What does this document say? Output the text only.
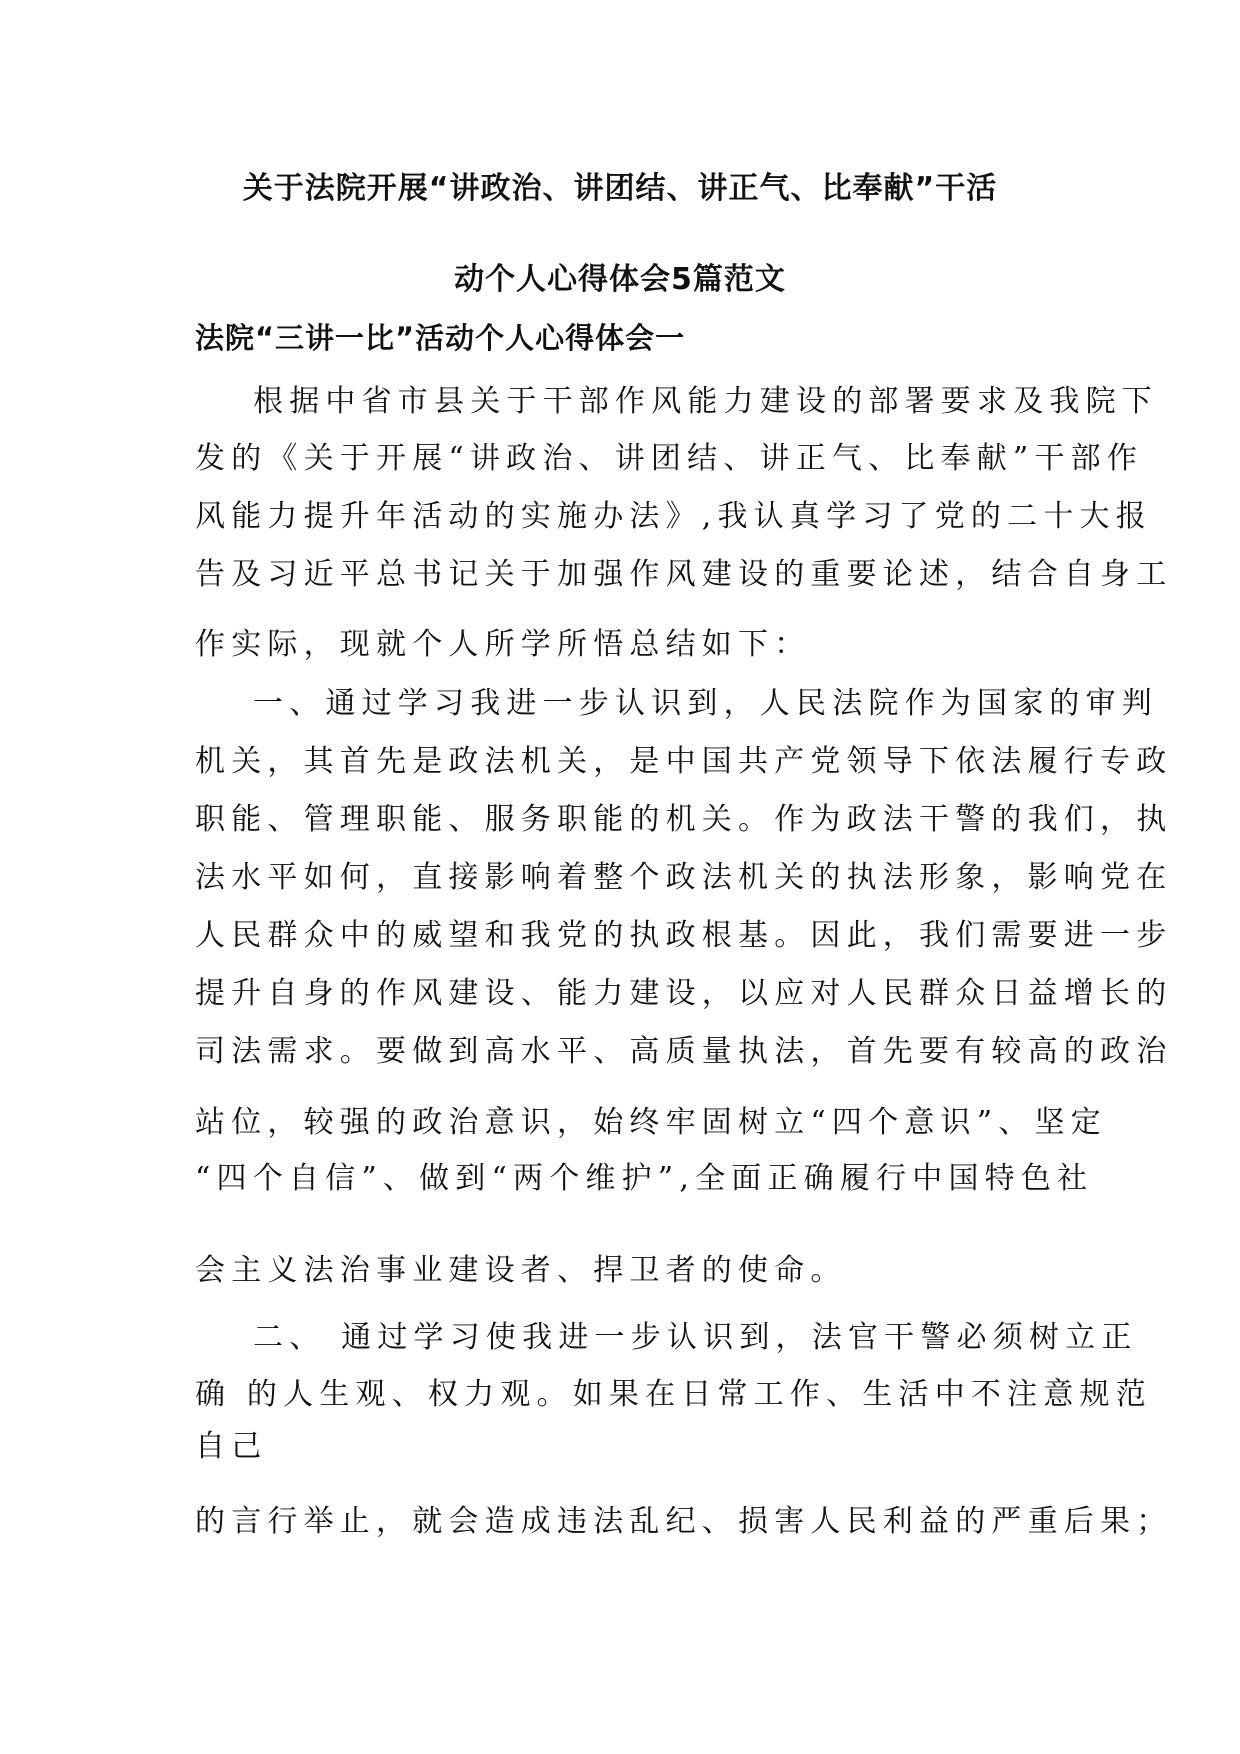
关于法院开展“讲政治、讲团结、讲正气、比奉献”干活
动个人心得体会5篇范文
法院“三讲一比”活动个人心得体会一
根据中省市县关于干部作风能力建设的部署要求及我院下
发的《关于开展“讲政治、讲团结、讲正气、比奉献”干部作
风能力提升年活动的实施办法》,我认真学习了党的二十大报
告及习近平总书记关于加强作风建设的重要论述，结合自身工
作实际，现就个人所学所悟总结如下：
一、通过学习我进一步认识到，人民法院作为国家的审判
机关，其首先是政法机关，是中国共产党领导下依法履行专政
职能、管理职能、服务职能的机关。作为政法干警的我们，执
法水平如何，直接影响着整个政法机关的执法形象，影响党在
人民群众中的威望和我党的执政根基。因此，我们需要进一步
提升自身的作风建设、能力建设，以应对人民群众日益增长的
司法需求。要做到高水平、高质量执法，首先要有较高的政治
站位，较强的政治意识，始终牢固树立“四个意识”、坚定
“四个自信”、做到“两个维护”,全面正确履行中国特色社
会主义法治事业建设者、捍卫者的使命。
二、 通过学习使我进一步认识到，法官干警必须树立正
确 的人生观、权力观。如果在日常工作、生活中不注意规范
自己
的言行举止，就会造成违法乱纪、损害人民利益的严重后果；
